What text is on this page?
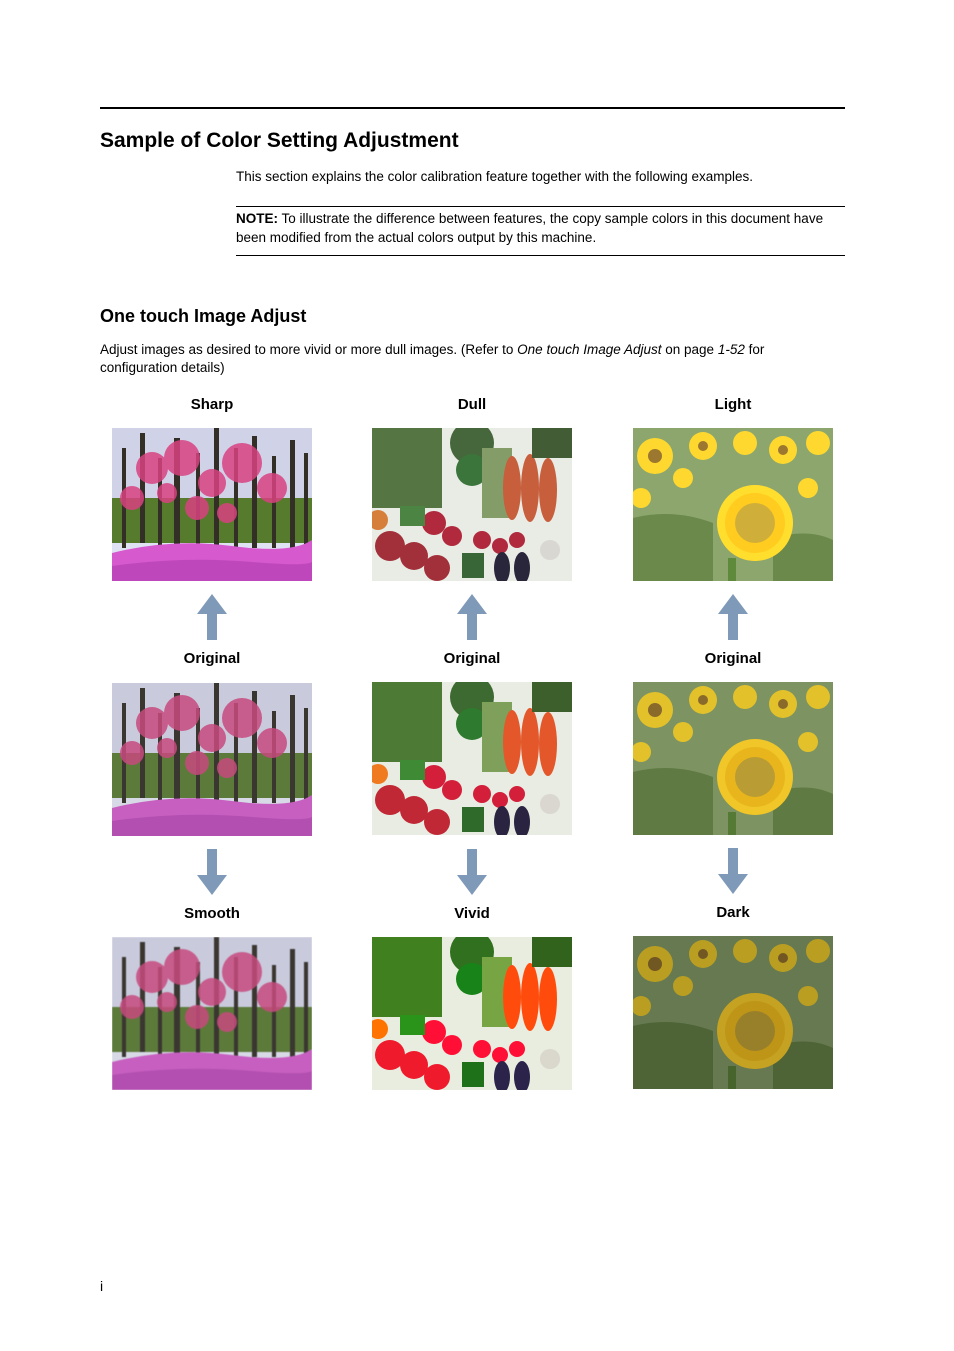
Sample of Color Setting Adjustment
This section explains the color calibration feature together with the following examples.
NOTE: To illustrate the difference between features, the copy sample colors in this document have been modified from the actual colors output by this machine.
One touch Image Adjust
Adjust images as desired to more vivid or more dull images. (Refer to One touch Image Adjust on page 1-52 for configuration details)
Sharp
Original
Smooth
Dull
Original
Vivid
Light
Original
Dark
i
